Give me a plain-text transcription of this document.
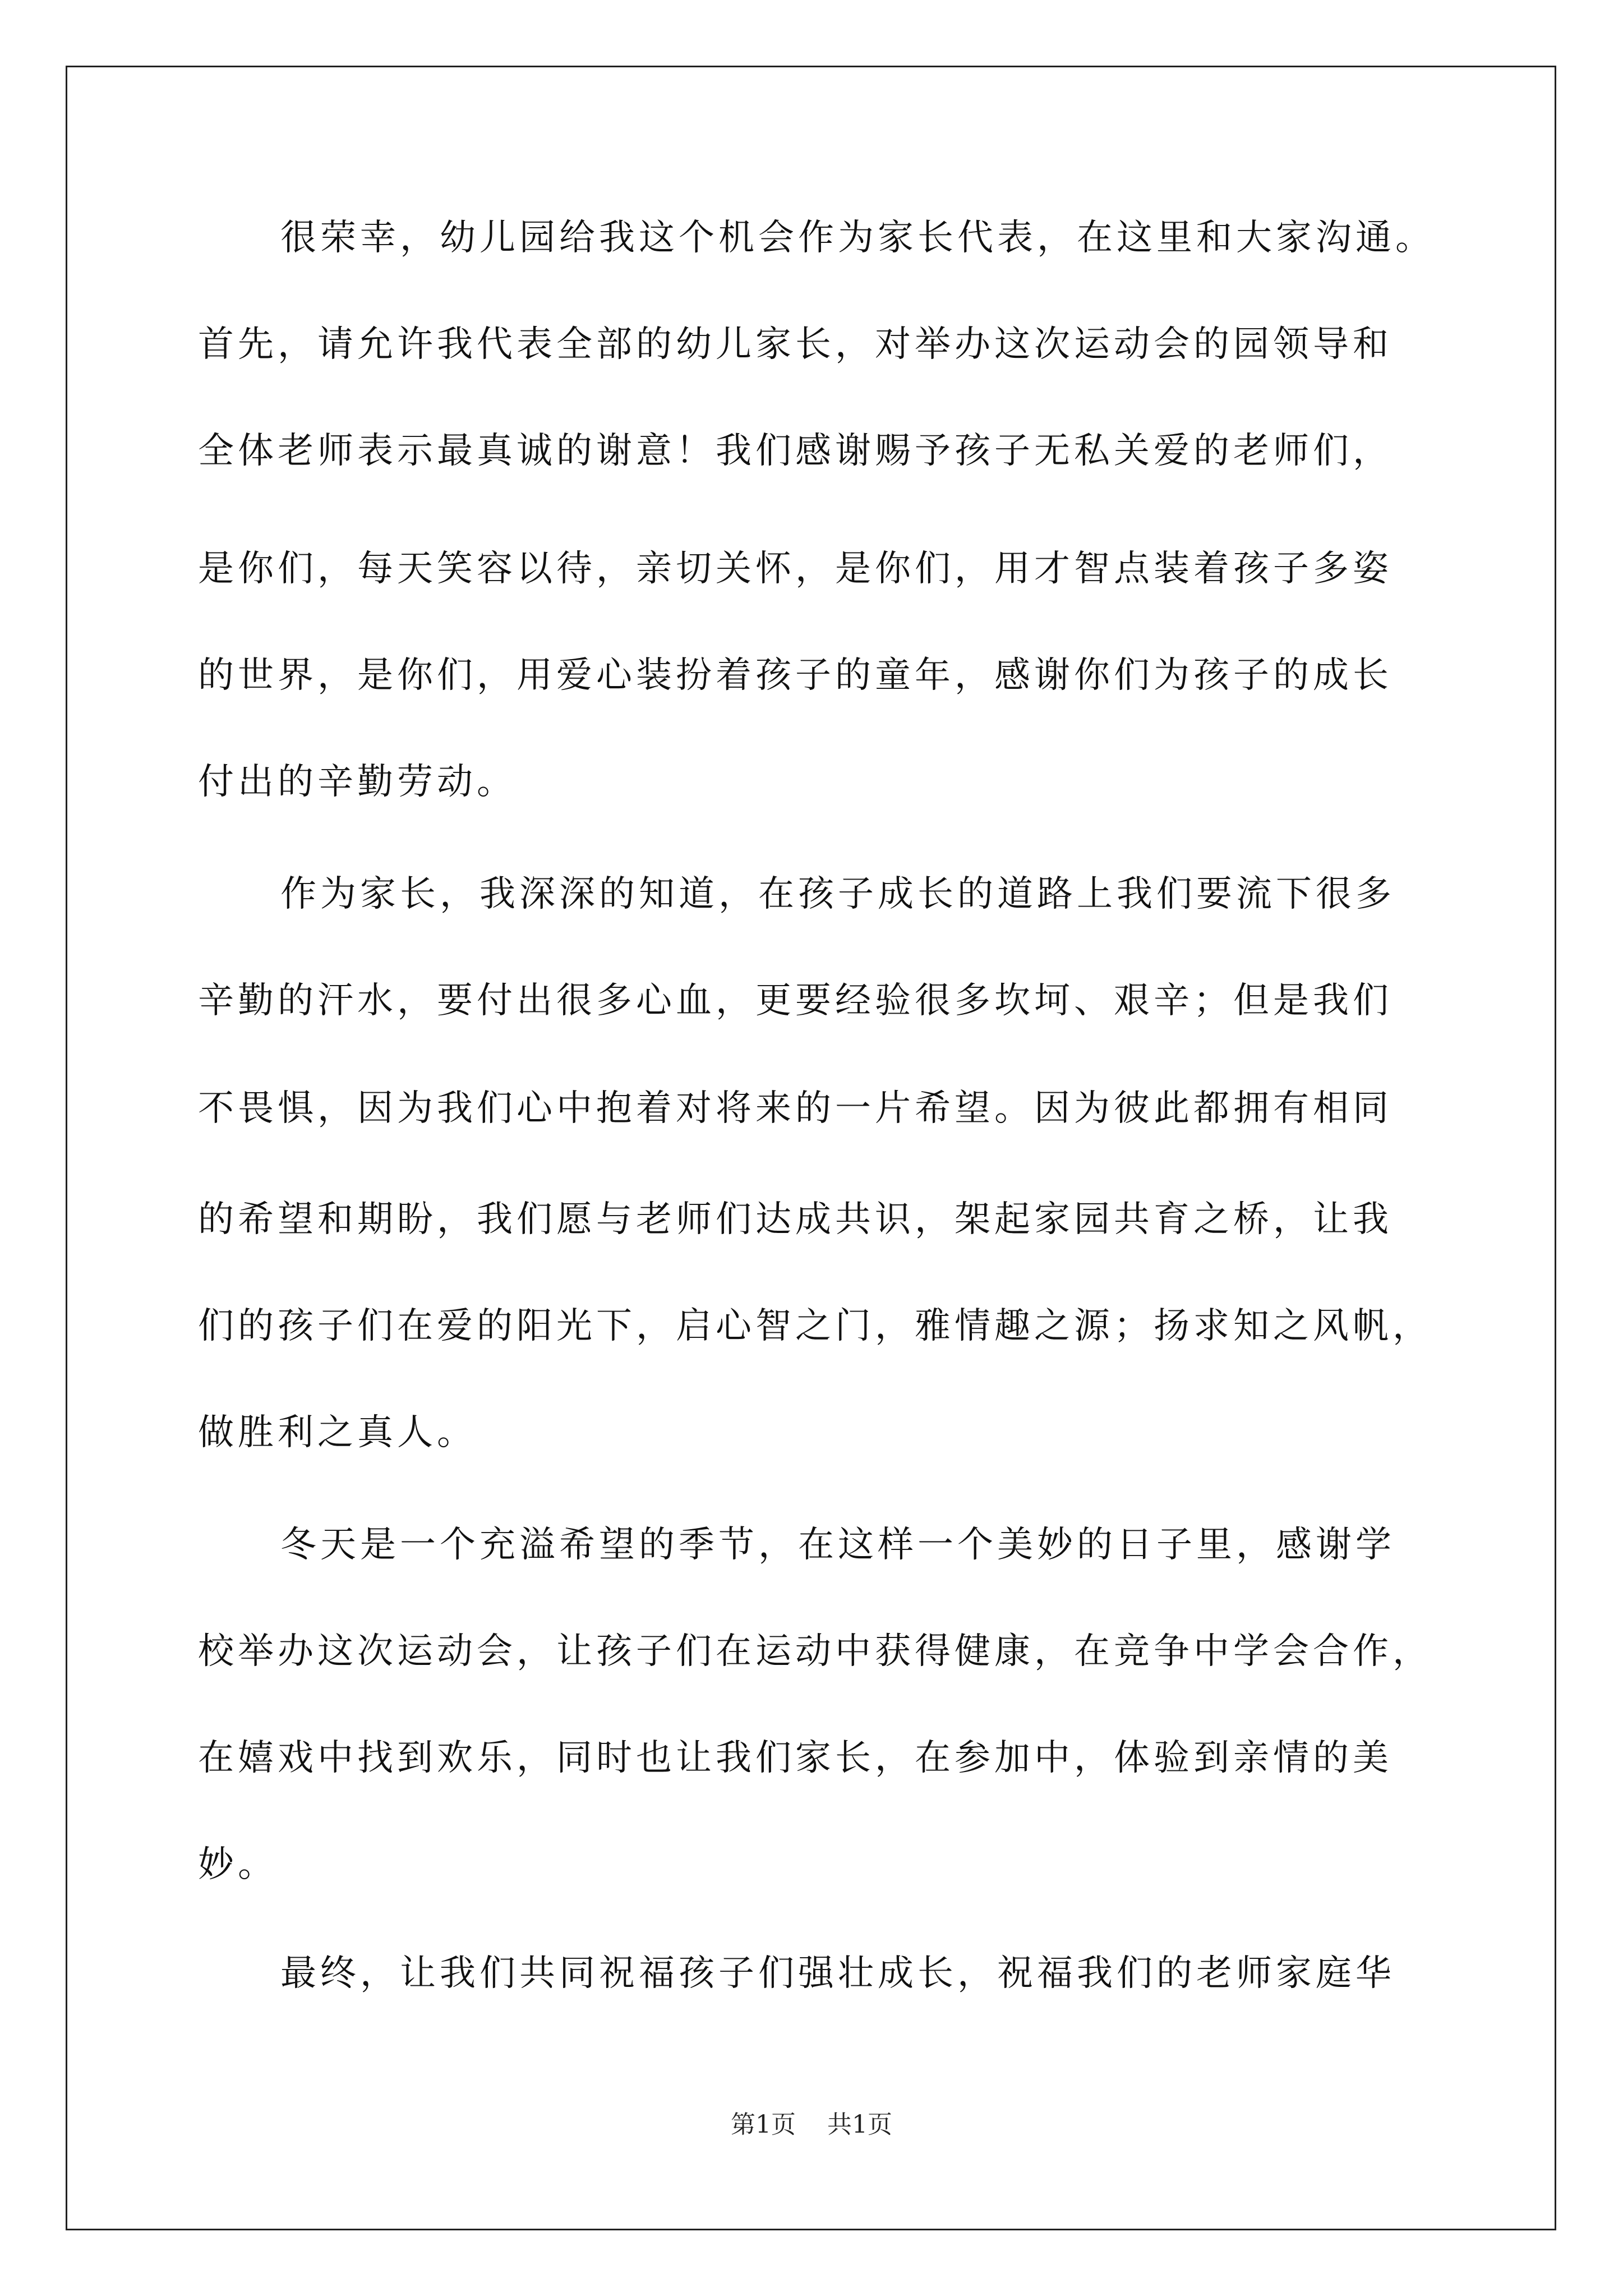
很荣幸，幼儿园给我这个机会作为家长代表，在这里和大家沟通。

首先，请允许我代表全部的幼儿家长，对举办这次运动会的园领导和

全体老师表示最真诚的谢意！我们感谢赐予孩子无私关爱的老师们，

是你们，每天笑容以待，亲切关怀，是你们，用才智点装着孩子多姿

的世界，是你们，用爱心装扮着孩子的童年，感谢你们为孩子的成长

付出的辛勤劳动。

作为家长，我深深的知道，在孩子成长的道路上我们要流下很多

辛勤的汗水，要付出很多心血，更要经验很多坎坷、艰辛；但是我们

不畏惧，因为我们心中抱着对将来的一片希望。因为彼此都拥有相同

的希望和期盼，我们愿与老师们达成共识，架起家园共育之桥，让我

们的孩子们在爱的阳光下，启心智之门，雅情趣之源；扬求知之风帆，

做胜利之真人。

冬天是一个充溢希望的季节，在这样一个美妙的日子里，感谢学

校举办这次运动会，让孩子们在运动中获得健康，在竞争中学会合作，

在嬉戏中找到欢乐，同时也让我们家长，在参加中，体验到亲情的美

妙。

最终，让我们共同祝福孩子们强壮成长，祝福我们的老师家庭华

第1页 共1页
